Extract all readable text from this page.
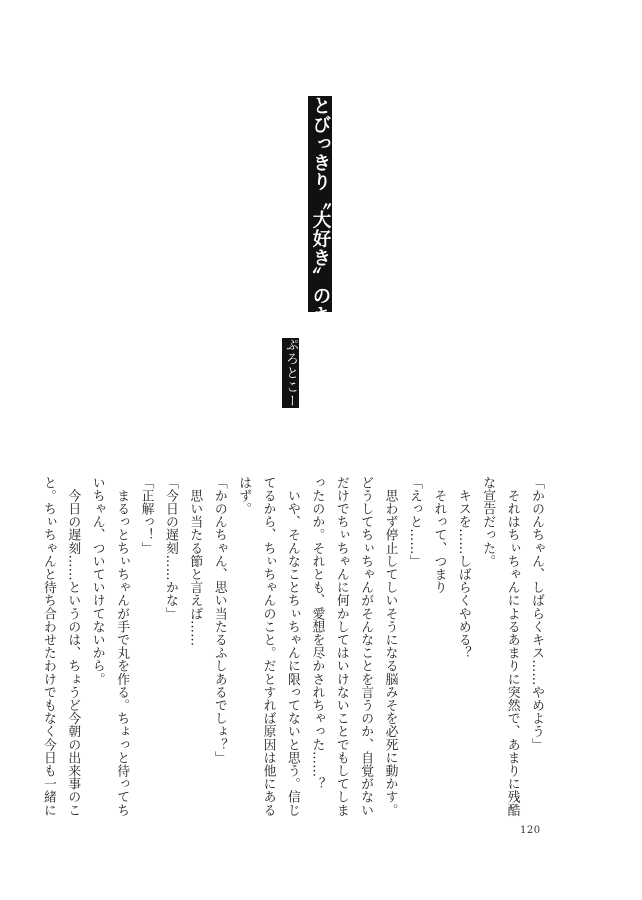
とびっきり〝大好き〟のキス
ぷろとこーる
「かのんちゃん、しばらくキス……やめよう」
　それはちぃちゃんによるあまりに突然で、あまりに残酷
な宣告だった。
　キスを……しばらくやめる？
　それって、つまり
「えっと……」
　思わず停止してしいそうになる脳みそを必死に動かす。
どうしてちぃちゃんがそんなことを言うのか、自覚がない
だけでちぃちゃんに何かしてはいけないことでもしてしま
ったのか。それとも、愛想を尽かされちゃった……？
　いや、そんなことちぃちゃんに限ってないと思う。信じ
てるから、ちぃちゃんのこと。だとすれば原因は他にある
はず。
「かのんちゃん、思い当たるふしあるでしょ？」
　思い当たる節と言えば……
「今日の遅刻……かな」
「正解っ！」
　まるっとちぃちゃんが手で丸を作る。ちょっと待ってち
いちゃん、ついていけてないから。
　今日の遅刻……というのは、ちょうど今朝の出来事のこ
と。ちぃちゃんと待ち合わせたわけでもなく今日も一緒に
120
